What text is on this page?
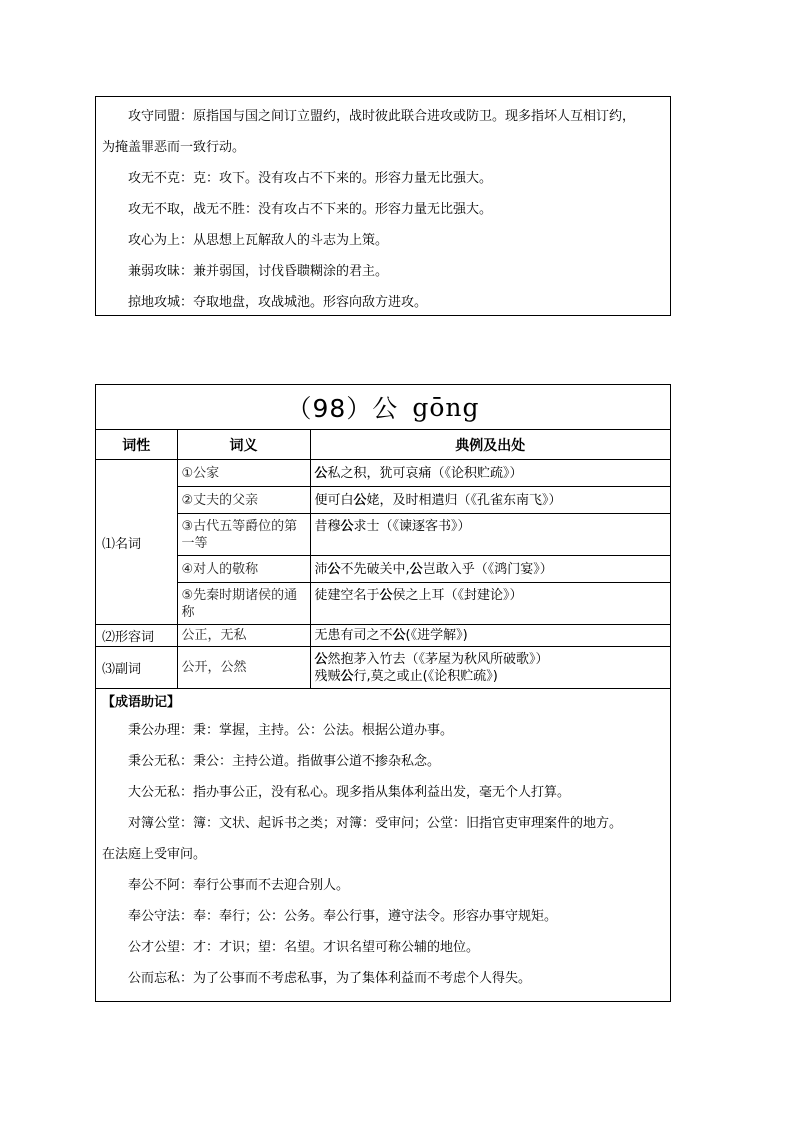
攻守同盟：原指国与国之间订立盟约，战时彼此联合进攻或防卫。现多指坏人互相订约，

为掩盖罪恶而一致行动。

攻无不克：克：攻下。没有攻占不下来的。形容力量无比强大。

攻无不取，战无不胜：没有攻占不下来的。形容力量无比强大。

攻心为上：从思想上瓦解敌人的斗志为上策。

兼弱攻昧：兼并弱国，讨伐昏聩糊涂的君主。

掠地攻城：夺取地盘，攻战城池。形容向敌方进攻。

（98）公 gōng
词性	词义	典例及出处
⑴名词	①公家	公私之积，犹可哀痛（《论积贮疏》）
	②丈夫的父亲	便可白公姥，及时相遣归（《孔雀东南飞》）
	③古代五等爵位的第一等	昔穆公求士（《谏逐客书》）
	④对人的敬称	沛公不先破关中,公岂敢入乎（《鸿门宴》）
	⑤先秦时期诸侯的通称	徒建空名于公侯之上耳（《封建论》）
⑵形容词	公正，无私	无患有司之不公(《进学解》)
⑶副词	公开，公然	公然抱茅入竹去（《茅屋为秋风所破歌》）
残贼公行,莫之或止(《论积贮疏》)

【成语助记】

秉公办理：秉：掌握，主持。公：公法。根据公道办事。

秉公无私：秉公：主持公道。指做事公道不掺杂私念。

大公无私：指办事公正，没有私心。现多指从集体利益出发，毫无个人打算。

对簿公堂：簿：文状、起诉书之类；对簿：受审问；公堂：旧指官吏审理案件的地方。

在法庭上受审问。

奉公不阿：奉行公事而不去迎合别人。

奉公守法：奉：奉行；公：公务。奉公行事，遵守法令。形容办事守规矩。

公才公望：才：才识；望：名望。才识名望可称公辅的地位。

公而忘私：为了公事而不考虑私事，为了集体利益而不考虑个人得失。
